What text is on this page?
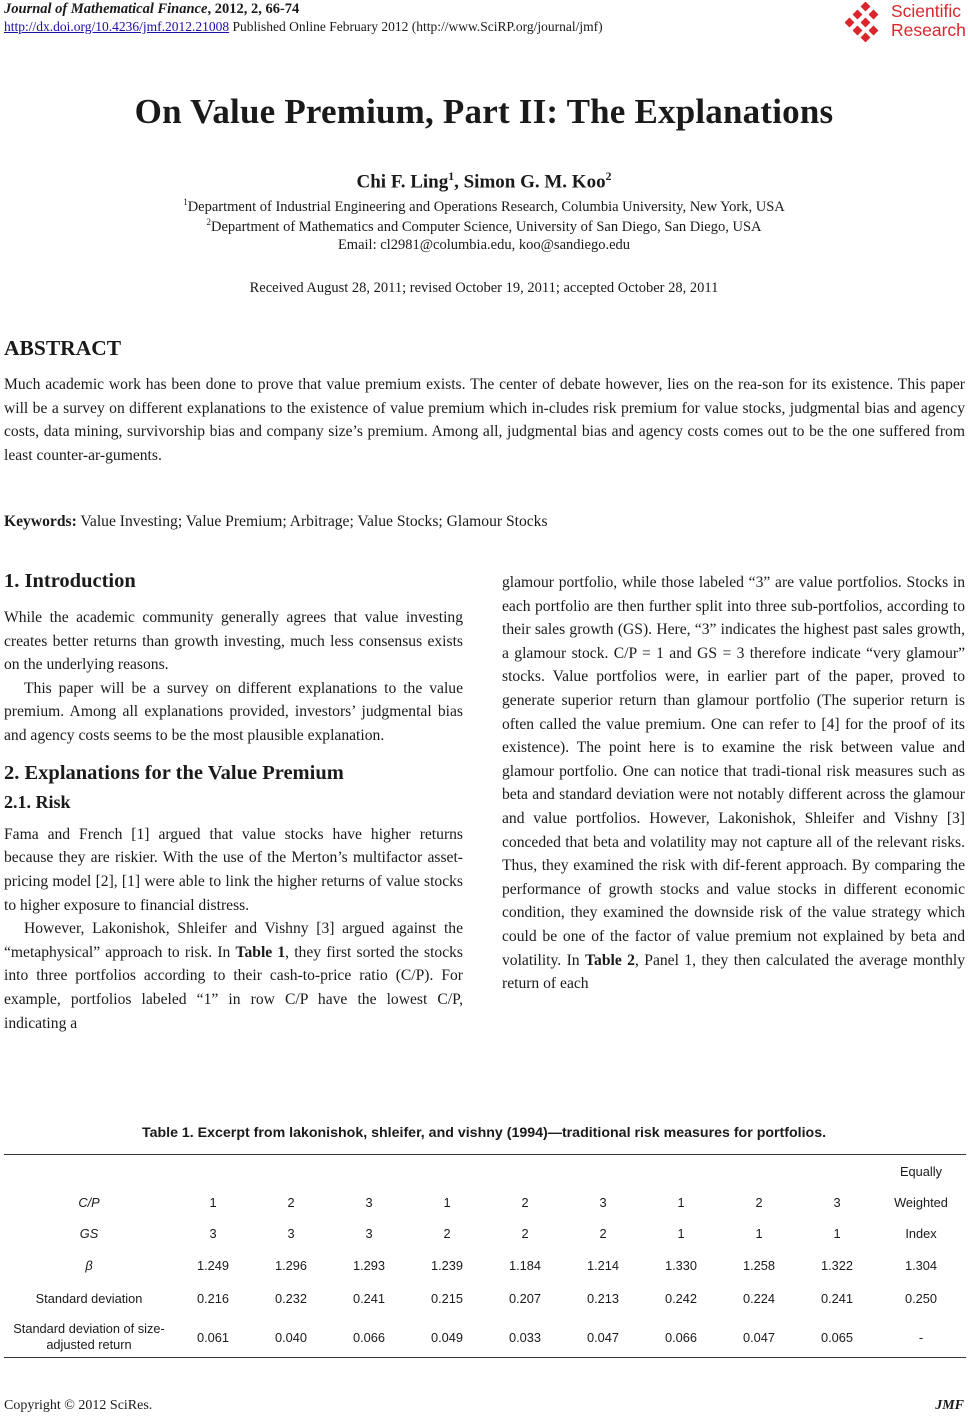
Journal of Mathematical Finance, 2012, 2, 66-74
http://dx.doi.org/10.4236/jmf.2012.21008 Published Online February 2012 (http://www.SciRP.org/journal/jmf)
Scientific
Research
On Value Premium, Part II: The Explanations
Chi F. Ling$^1$, Simon G. M. Koo$^2$
$^1$Department of Industrial Engineering and Operations Research, Columbia University, New York, USA
$^2$Department of Mathematics and Computer Science, University of San Diego, San Diego, USA
Email: cl2981@columbia.edu, koo@sandiego.edu
Received August 28, 2011; revised October 19, 2011; accepted October 28, 2011
ABSTRACT
Much academic work has been done to prove that value premium exists. The center of debate however, lies on the rea-son for its existence. This paper will be a survey on different explanations to the existence of value premium which in-cludes risk premium for value stocks, judgmental bias and agency costs, data mining, survivorship bias and company size’s premium. Among all, judgmental bias and agency costs comes out to be the one suffered from least counter-ar-guments.
Keywords: Value Investing; Value Premium; Arbitrage; Value Stocks; Glamour Stocks
1. Introduction

While the academic community generally agrees that value investing creates better returns than growth investing, much less consensus exists on the underlying reasons.

This paper will be a survey on different explanations to the value premium. Among all explanations provided, investors’ judgmental bias and agency costs seems to be the most plausible explanation.

2. Explanations for the Value Premium
2.1. Risk

Fama and French [1] argued that value stocks have higher returns because they are riskier. With the use of the Merton’s multifactor asset-pricing model [2], [1] were able to link the higher returns of value stocks to higher exposure to financial distress.

However, Lakonishok, Shleifer and Vishny [3] argued against the “metaphysical” approach to risk. In Table 1, they first sorted the stocks into three portfolios according to their cash-to-price ratio (C/P). For example, portfolios labeled “1” in row C/P have the lowest C/P, indicating a

glamour portfolio, while those labeled “3” are value portfolios. Stocks in each portfolio are then further split into three sub-portfolios, according to their sales growth (GS). Here, “3” indicates the highest past sales growth, a glamour stock. C/P = 1 and GS = 3 therefore indicate “very glamour” stocks. Value portfolios were, in earlier part of the paper, proved to generate superior return than glamour portfolio (The superior return is often called the value premium. One can refer to [4] for the proof of its existence). The point here is to examine the risk between value and glamour portfolio. One can notice that tradi-tional risk measures such as beta and standard deviation were not notably different across the glamour and value portfolios. However, Lakonishok, Shleifer and Vishny [3] conceded that beta and volatility may not capture all of the relevant risks. Thus, they examined the risk with dif-ferent approach. By comparing the performance of growth stocks and value stocks in different economic condition, they examined the downside risk of the value strategy which could be one of the factor of value premium not explained by beta and volatility. In Table 2, Panel 1, they then calculated the average monthly return of each

Table 1. Excerpt from lakonishok, shleifer, and vishny (1994)—traditional risk measures for portfolios.
										Equally
C/P	1	2	3	1	2	3	1	2	3	Weighted
GS	3	3	3	2	2	2	1	1	1	Index
β	1.249	1.296	1.293	1.239	1.184	1.214	1.330	1.258	1.322	1.304
Standard deviation	0.216	0.232	0.241	0.215	0.207	0.213	0.242	0.224	0.241	0.250
Standard deviation of size-adjusted return	0.061	0.040	0.066	0.049	0.033	0.047	0.066	0.047	0.065	-
Copyright © 2012 SciRes.	JMF
